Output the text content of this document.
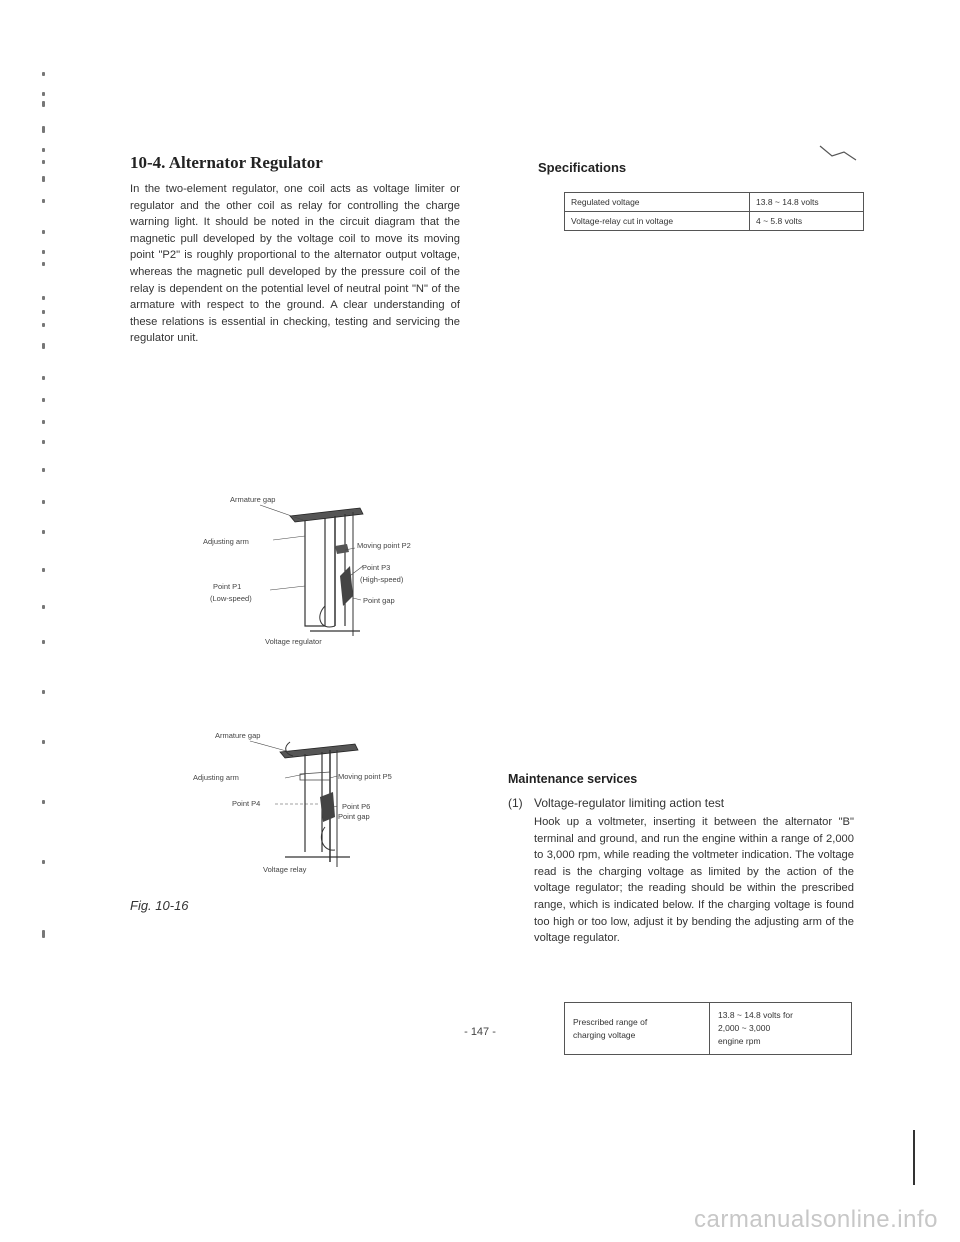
10-4. Alternator Regulator

In the two-element regulator, one coil acts as voltage limiter or regulator and the other coil as relay for controlling the charge warning light. It should be noted in the circuit diagram that the magnetic pull developed by the voltage coil to move its moving point "P2" is roughly proportional to the alternator output voltage, whereas the magnetic pull developed by the pressure coil of the relay is dependent on the potential level of neutral point "N" of the armature with respect to the ground. A clear understanding of these relations is essential in checking, testing and servicing the regulator unit.

Armature gap
Adjusting arm
Point P1
(Low-speed)
Moving point P2
Point P3
(High-speed)
Point gap
Voltage regulator
Armature gap
Adjusting arm
Point P4
Moving point P5
Point P6
Point gap
Voltage relay
Fig. 10-16
Specifications
Regulated voltage	13.8 ~ 14.8 volts
Voltage-relay cut in voltage	4 ~ 5.8 volts
Maintenance services
(1) Voltage-regulator limiting action test

Hook up a voltmeter, inserting it between the alternator "B" terminal and ground, and run the engine within a range of 2,000 to 3,000 rpm, while reading the voltmeter indication. The voltage read is the charging voltage as limited by the action of the voltage regulator; the reading should be within the prescribed range, which is indicated below. If the charging voltage is found too high or too low, adjust it by bending the adjusting arm of the voltage regulator.

Prescribed range of
charging voltage

13.8 ~ 14.8 volts for
2,000 ~ 3,000
engine rpm
- 147 -
carmanualsonline.info
